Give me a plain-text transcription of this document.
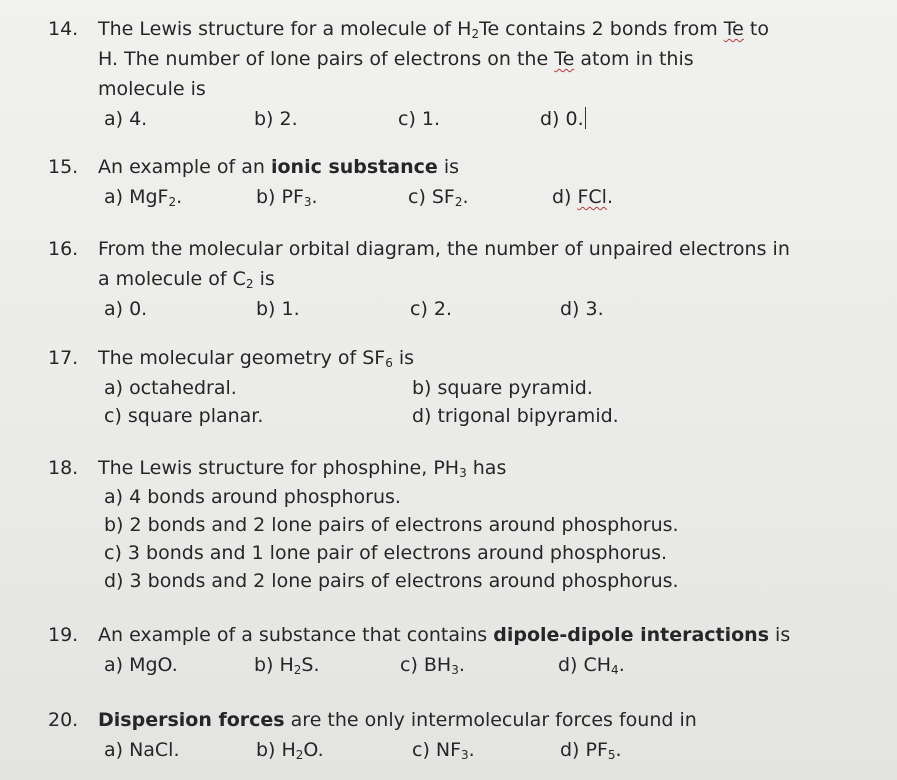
14.	The Lewis structure for a molecule of $H_2Te$ contains 2 bonds from Te to
H. The number of lone pairs of electrons on the Te atom in this
molecule is
a) 4.	b) 2.	c) 1.	d) 0.
15.	An example of an ionic substance is
a) MgF$_2$.	b) $PF_3$.	c) $SF_2$.	d) FCl.
16.	From the molecular orbital diagram, the number of unpaired electrons in
a molecule of $C_2$ is
a) 0.	b) 1.	c) 2.	d) 3.
17.	The molecular geometry of $SF_6$ is
a) octahedral.	b) square pyramid.
c) square planar.	d) trigonal bipyramid.
18.	The Lewis structure for phosphine, $PH_3$ has
a) 4 bonds around phosphorus.
b) 2 bonds and 2 lone pairs of electrons around phosphorus.
c) 3 bonds and 1 lone pair of electrons around phosphorus.
d) 3 bonds and 2 lone pairs of electrons around phosphorus.
19.	An example of a substance that contains dipole-dipole interactions is
a) MgO.	b) $H_2S$.	c) $BH_3$.	d) $CH_4$.
20.	Dispersion forces are the only intermolecular forces found in
a) NaCl.	b) $H_2O$.	c) $NF_3$.	d) $PF_5$.
